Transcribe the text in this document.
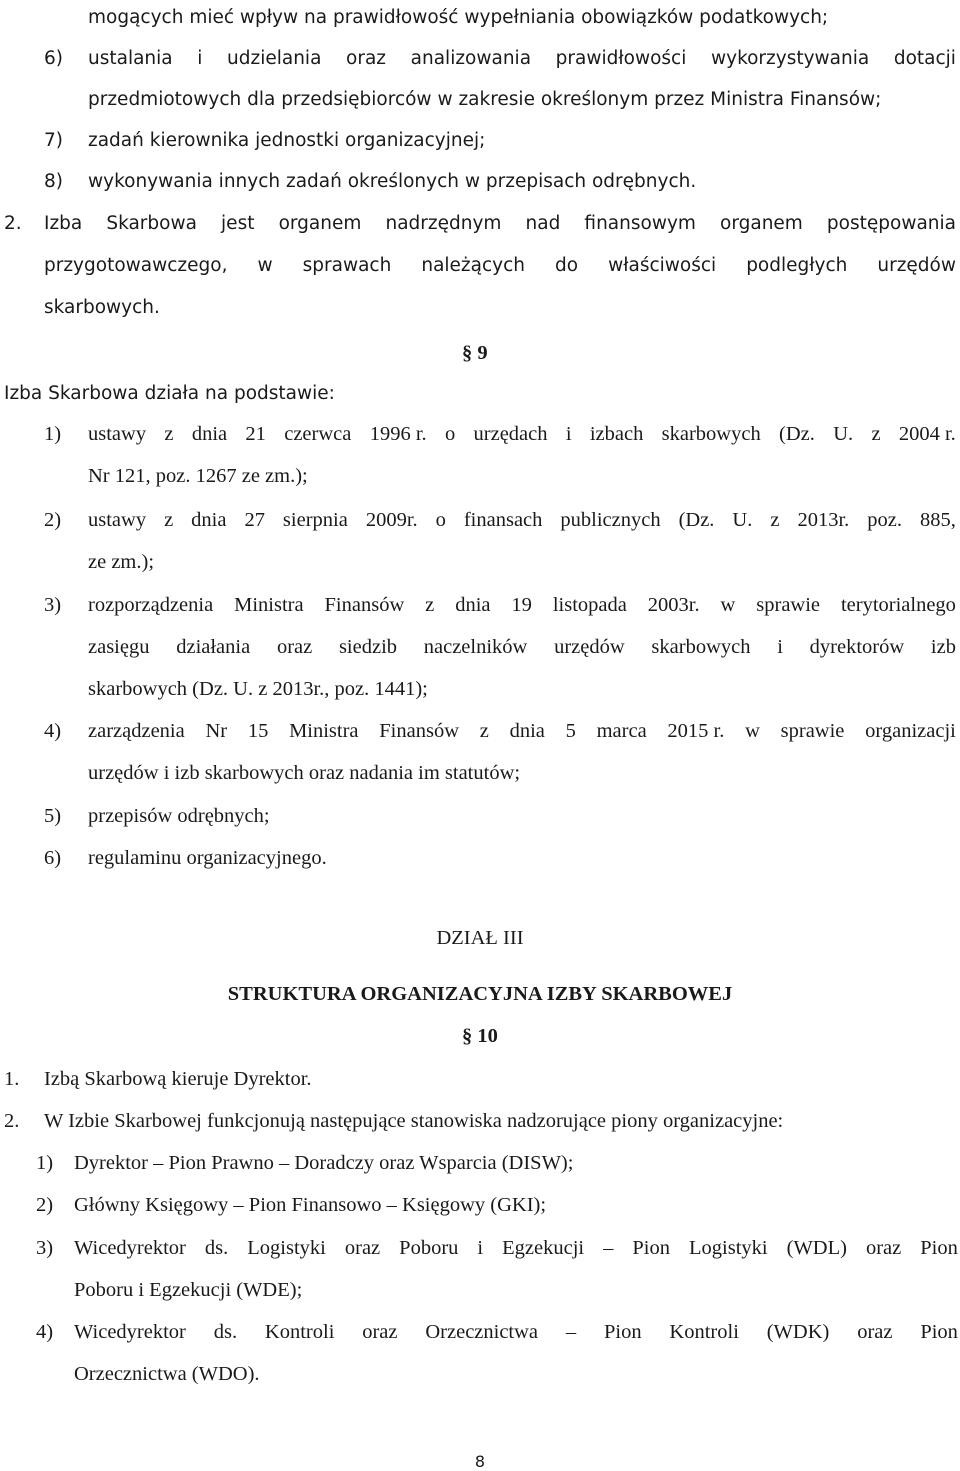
mogących mieć wpływ na prawidłowość wypełniania obowiązków podatkowych;
6)	ustalania i udzielania oraz analizowania prawidłowości wykorzystywania dotacji
przedmiotowych dla przedsiębiorców w zakresie określonym przez Ministra Finansów;
7) zadań kierownika jednostki organizacyjnej;
8) wykonywania innych zadań określonych w przepisach odrębnych.
2. Izba Skarbowa jest organem nadrzędnym nad finansowym organem postępowania
przygotowawczego, w sprawach należących do właściwości podległych urzędów
skarbowych.
§ 9
Izba Skarbowa działa na podstawie:
1) ustawy z dnia 21 czerwca 1996 r. o urzędach i izbach skarbowych (Dz. U. z 2004 r.
Nr 121, poz. 1267 ze zm.);
2) ustawy z dnia 27 sierpnia 2009r. o finansach publicznych (Dz. U. z 2013r. poz. 885,
ze zm.);
3) rozporządzenia Ministra Finansów z dnia 19 listopada 2003r. w sprawie terytorialnego
zasięgu działania oraz siedzib naczelników urzędów skarbowych i dyrektorów izb
skarbowych (Dz. U. z 2013r., poz. 1441);
4) zarządzenia Nr 15 Ministra Finansów z dnia 5 marca 2015 r. w sprawie organizacji
urzędów i izb skarbowych oraz nadania im statutów;
5) przepisów odrębnych;
6) regulaminu organizacyjnego.
DZIAŁ III
STRUKTURA ORGANIZACYJNA IZBY SKARBOWEJ
§ 10
1. Izbą Skarbową kieruje Dyrektor.
2. W Izbie Skarbowej funkcjonują następujące stanowiska nadzorujące piony organizacyjne:
1) Dyrektor – Pion Prawno – Doradczy oraz Wsparcia (DISW);
2) Główny Księgowy – Pion Finansowo – Księgowy (GKI);
3) Wicedyrektor ds. Logistyki oraz Poboru i Egzekucji – Pion Logistyki (WDL) oraz Pion
Poboru i Egzekucji (WDE);
4) Wicedyrektor ds. Kontroli oraz Orzecznictwa – Pion Kontroli (WDK) oraz Pion
Orzecznictwa (WDO).
8
